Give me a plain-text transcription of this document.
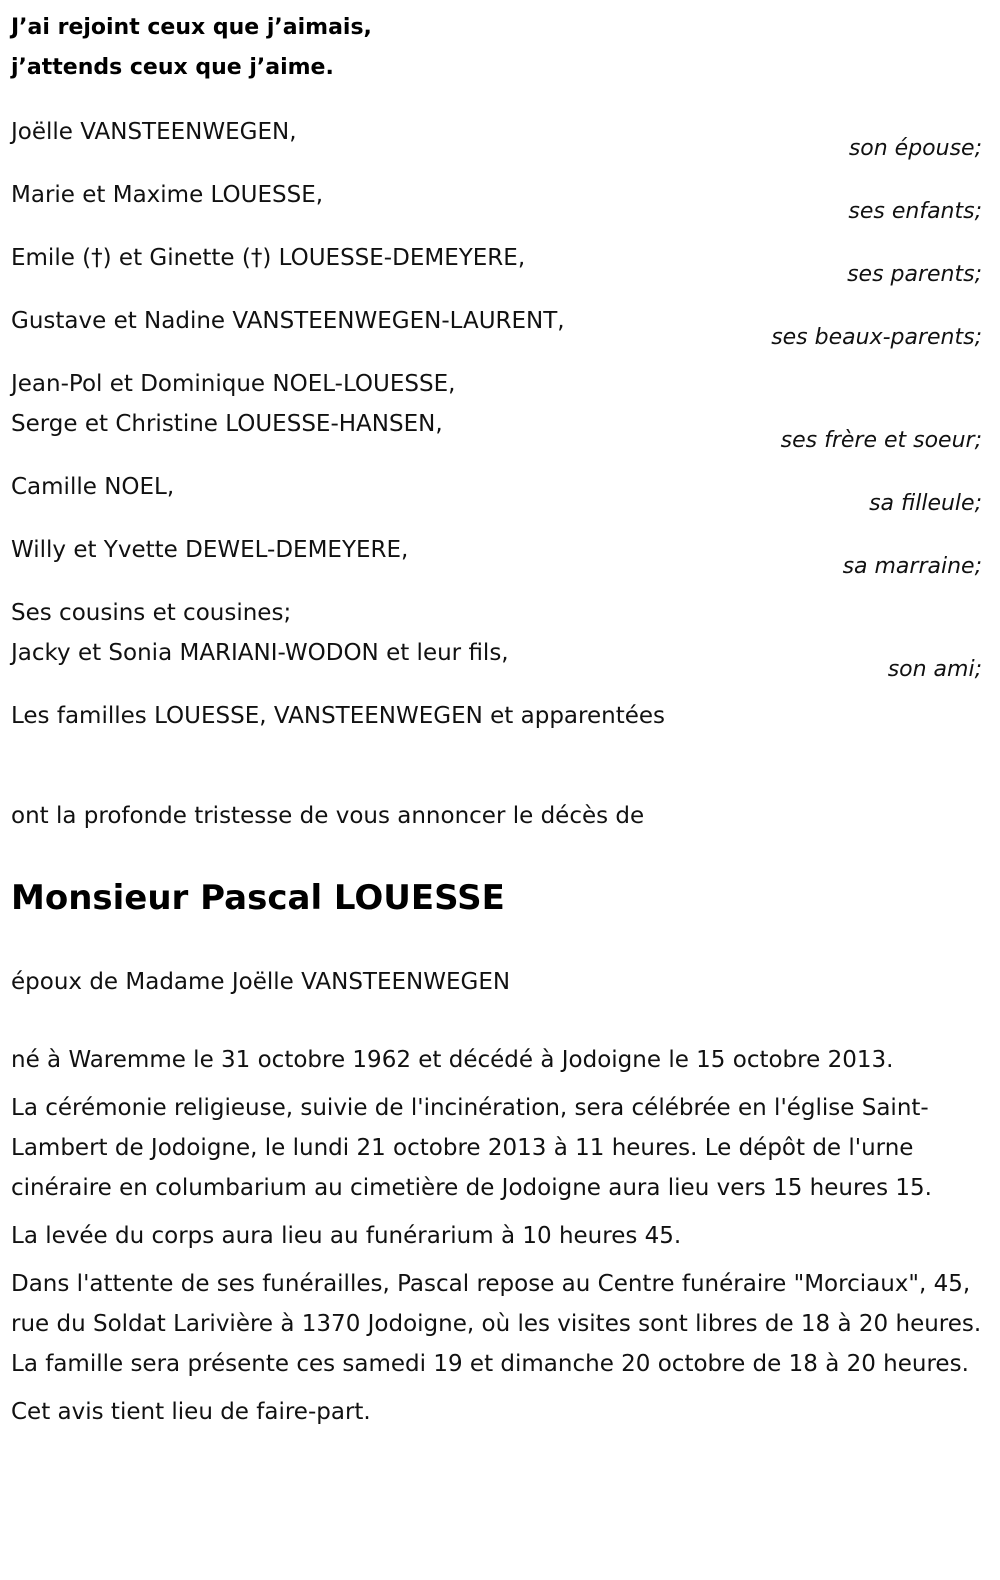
J’ai rejoint ceux que j’aimais,
j’attends ceux que j’aime.
Joëlle VANSTEENWEGEN,
son épouse;
Marie et Maxime LOUESSE,
ses enfants;
Emile (†) et Ginette (†) LOUESSE-DEMEYERE,
ses parents;
Gustave et Nadine VANSTEENWEGEN-LAURENT,
ses beaux-parents;
Jean-Pol et Dominique NOEL-LOUESSE,
Serge et Christine LOUESSE-HANSEN,
ses frère et soeur;
Camille NOEL,
sa filleule;
Willy et Yvette DEWEL-DEMEYERE,
sa marraine;
Ses cousins et cousines;
Jacky et Sonia MARIANI-WODON et leur fils,
son ami;
Les familles LOUESSE, VANSTEENWEGEN et apparentées
ont la profonde tristesse de vous annoncer le décès de
Monsieur Pascal LOUESSE
époux de Madame Joëlle VANSTEENWEGEN

né à Waremme le 31 octobre 1962 et décédé à Jodoigne le 15 octobre 2013.

La cérémonie religieuse, suivie de l'incinération, sera célébrée en l'église Saint-Lambert de Jodoigne, le lundi 21 octobre 2013 à 11 heures. Le dépôt de l'urne cinéraire en columbarium au cimetière de Jodoigne aura lieu vers 15 heures 15.

La levée du corps aura lieu au funérarium à 10 heures 45.

Dans l'attente de ses funérailles, Pascal repose au Centre funéraire "Morciaux", 45, rue du Soldat Larivière à 1370 Jodoigne, où les visites sont libres de 18 à 20 heures. La famille sera présente ces samedi 19 et dimanche 20 octobre de 18 à 20 heures.

Cet avis tient lieu de faire-part.
